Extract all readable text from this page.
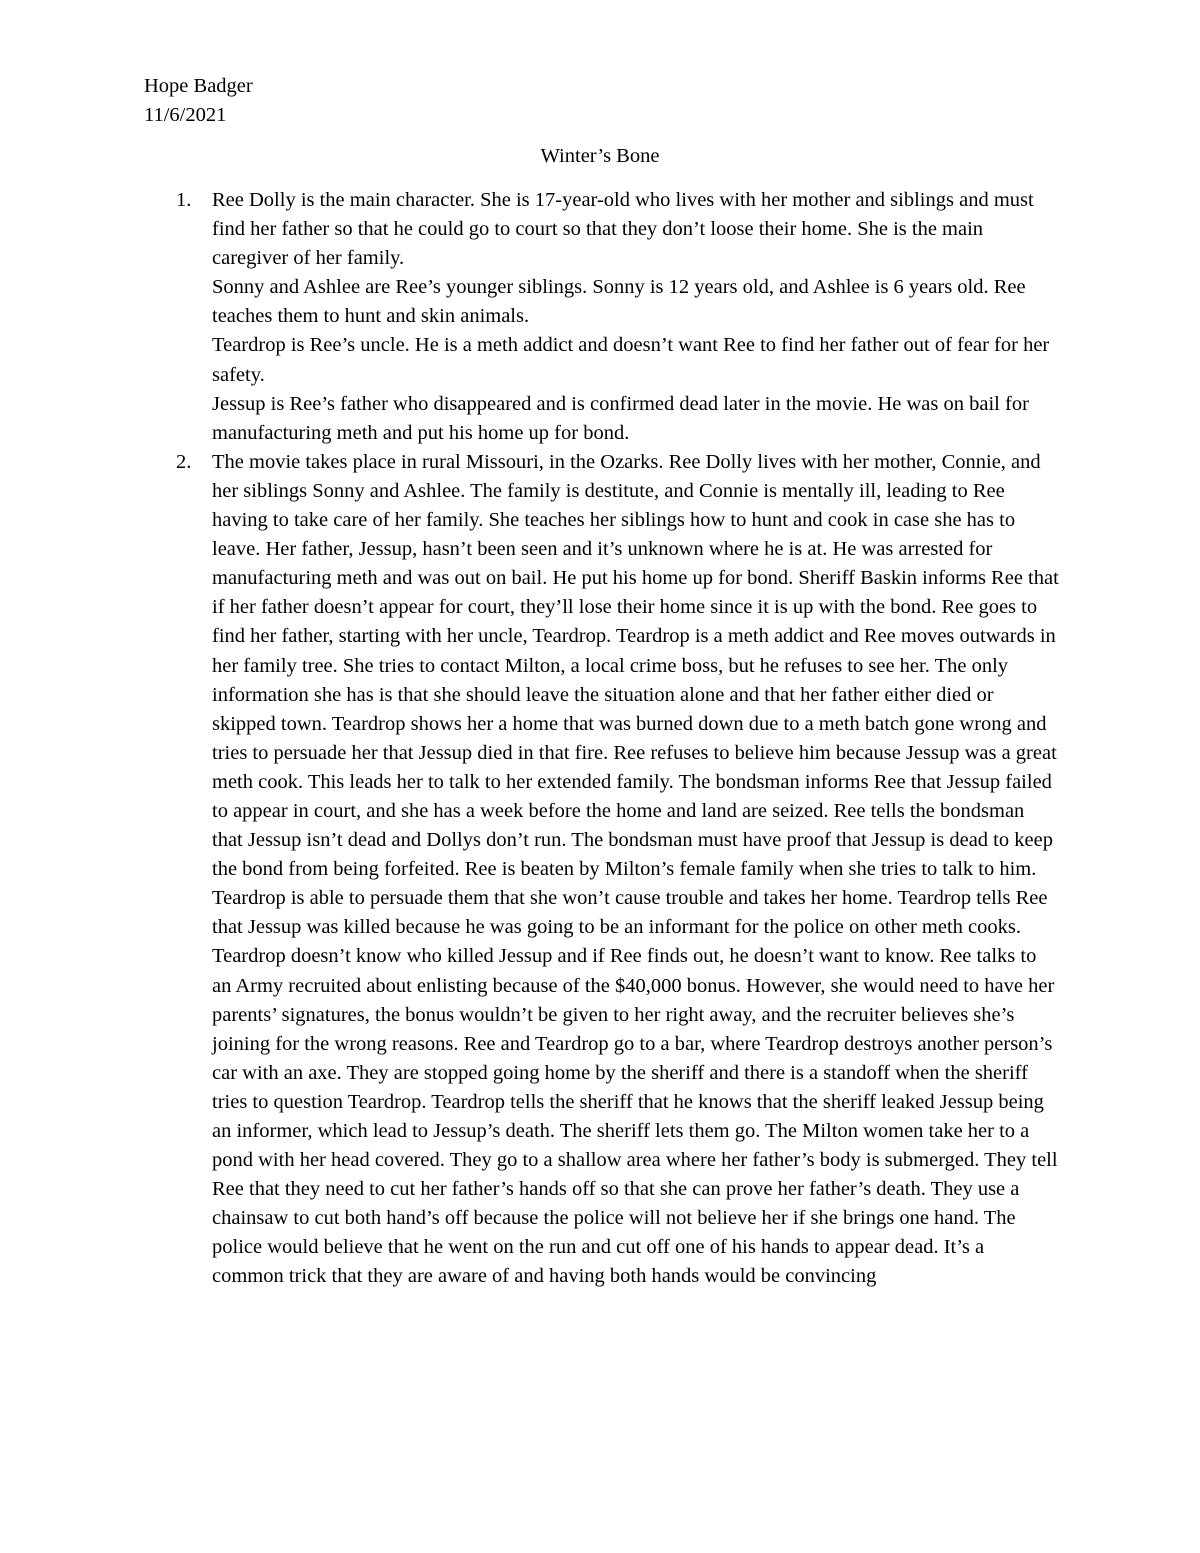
Hope Badger
11/6/2021
Winter’s Bone
1. Ree Dolly is the main character. She is 17-year-old who lives with her mother and siblings and must find her father so that he could go to court so that they don’t loose their home. She is the main caregiver of her family.

Sonny and Ashlee are Ree’s younger siblings. Sonny is 12 years old, and Ashlee is 6 years old. Ree teaches them to hunt and skin animals.

Teardrop is Ree’s uncle. He is a meth addict and doesn’t want Ree to find her father out of fear for her safety.

Jessup is Ree’s father who disappeared and is confirmed dead later in the movie. He was on bail for manufacturing meth and put his home up for bond.

2. The movie takes place in rural Missouri, in the Ozarks. Ree Dolly lives with her mother, Connie, and her siblings Sonny and Ashlee. The family is destitute, and Connie is mentally ill, leading to Ree having to take care of her family. She teaches her siblings how to hunt and cook in case she has to leave. Her father, Jessup, hasn’t been seen and it’s unknown where he is at. He was arrested for manufacturing meth and was out on bail. He put his home up for bond. Sheriff Baskin informs Ree that if her father doesn’t appear for court, they’ll lose their home since it is up with the bond. Ree goes to find her father, starting with her uncle, Teardrop. Teardrop is a meth addict and Ree moves outwards in her family tree. She tries to contact Milton, a local crime boss, but he refuses to see her. The only information she has is that she should leave the situation alone and that her father either died or skipped town. Teardrop shows her a home that was burned down due to a meth batch gone wrong and tries to persuade her that Jessup died in that fire. Ree refuses to believe him because Jessup was a great meth cook. This leads her to talk to her extended family. The bondsman informs Ree that Jessup failed to appear in court, and she has a week before the home and land are seized. Ree tells the bondsman that Jessup isn’t dead and Dollys don’t run. The bondsman must have proof that Jessup is dead to keep the bond from being forfeited. Ree is beaten by Milton’s female family when she tries to talk to him. Teardrop is able to persuade them that she won’t cause trouble and takes her home. Teardrop tells Ree that Jessup was killed because he was going to be an informant for the police on other meth cooks. Teardrop doesn’t know who killed Jessup and if Ree finds out, he doesn’t want to know. Ree talks to an Army recruited about enlisting because of the $40,000 bonus. However, she would need to have her parents’ signatures, the bonus wouldn’t be given to her right away, and the recruiter believes she’s joining for the wrong reasons. Ree and Teardrop go to a bar, where Teardrop destroys another person’s car with an axe. They are stopped going home by the sheriff and there is a standoff when the sheriff tries to question Teardrop. Teardrop tells the sheriff that he knows that the sheriff leaked Jessup being an informer, which lead to Jessup’s death. The sheriff lets them go. The Milton women take her to a pond with her head covered. They go to a shallow area where her father’s body is submerged. They tell Ree that they need to cut her father’s hands off so that she can prove her father’s death. They use a chainsaw to cut both hand’s off because the police will not believe her if she brings one hand. The police would believe that he went on the run and cut off one of his hands to appear dead. It’s a common trick that they are aware of and having both hands would be convincing
